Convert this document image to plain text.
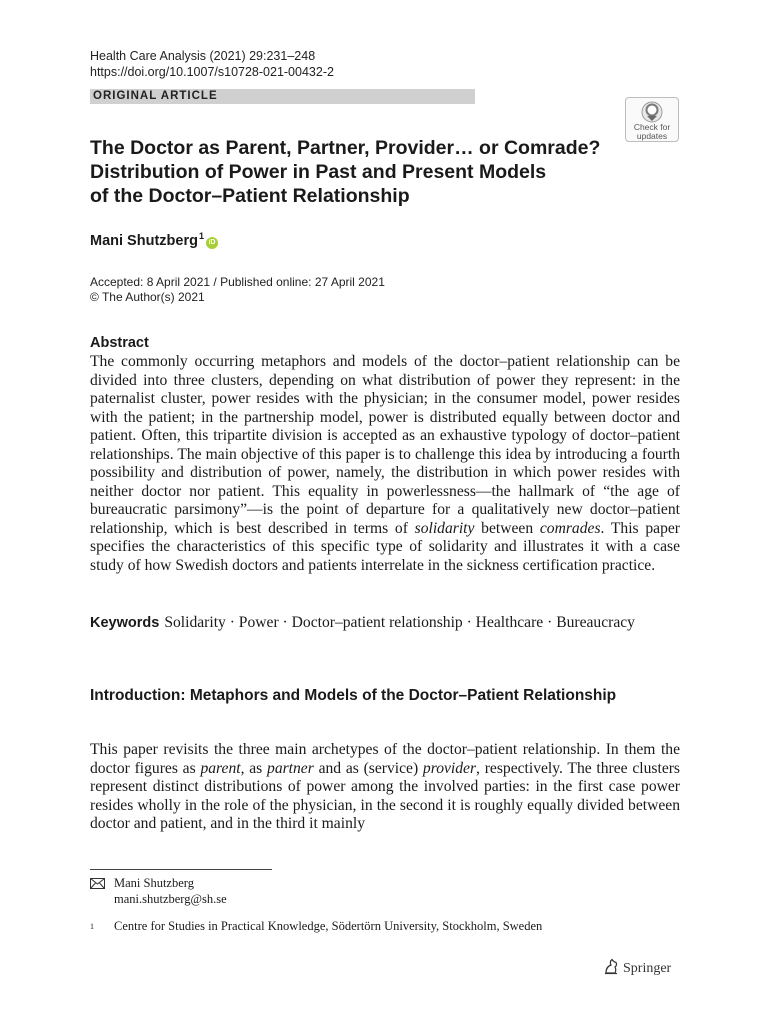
Health Care Analysis (2021) 29:231–248
https://doi.org/10.1007/s10728-021-00432-2
ORIGINAL ARTICLE
Check for
updates
The Doctor as Parent, Partner, Provider… or Comrade?
Distribution of Power in Past and Present Models
of the Doctor–Patient Relationship
Mani Shutzberg$^1$iD
Accepted: 8 April 2021 / Published online: 27 April 2021
© The Author(s) 2021
Abstract

The commonly occurring metaphors and models of the doctor–patient relationship can be divided into three clusters, depending on what distribution of power they represent: in the paternalist cluster, power resides with the physician; in the consumer model, power resides with the patient; in the partnership model, power is distributed equally between doctor and patient. Often, this tripartite division is accepted as an exhaustive typology of doctor–patient relationships. The main objective of this paper is to challenge this idea by introducing a fourth possibility and distribution of power, namely, the distribution in which power resides with neither doctor nor patient. This equality in powerlessness—the hallmark of “the age of bureaucratic parsimony”—is the point of departure for a qualitatively new doctor–patient relationship, which is best described in terms of solidarity between comrades. This paper specifies the characteristics of this specific type of solidarity and illustrates it with a case study of how Swedish doctors and patients interrelate in the sickness certification practice.

Keywords Solidarity · Power · Doctor–patient relationship · Healthcare · Bureaucracy
Introduction: Metaphors and Models of the Doctor–Patient Relationship

This paper revisits the three main archetypes of the doctor–patient relationship. In them the doctor figures as parent, as partner and as (service) provider, respectively. The three clusters represent distinct distributions of power among the involved parties: in the first case power resides wholly in the role of the physician, in the second it is roughly equally divided between doctor and patient, and in the third it mainly

Mani Shutzberg
mani.shutzberg@sh.se
$^1$ Centre for Studies in Practical Knowledge, Södertörn University, Stockholm, Sweden
Springer
